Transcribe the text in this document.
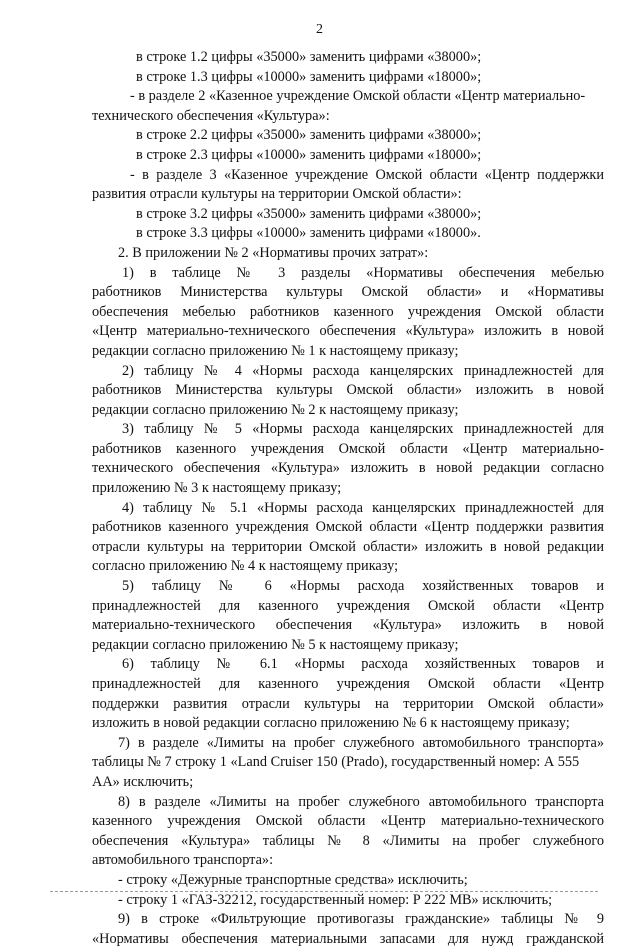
2
в строке 1.2 цифры «35000» заменить цифрами «38000»;
в строке 1.3 цифры «10000» заменить цифрами «18000»;
- в разделе 2 «Казенное учреждение Омской области «Центр материально-
технического обеспечения «Культура»:
в строке 2.2 цифры «35000» заменить цифрами «38000»;
в строке 2.3 цифры «10000» заменить цифрами «18000»;
- в разделе 3 «Казенное учреждение Омской области «Центр поддержки
развития отрасли культуры на территории Омской области»:
в строке 3.2 цифры «35000» заменить цифрами «38000»;
в строке 3.3 цифры «10000» заменить цифрами «18000».
2. В приложении № 2 «Нормативы прочих затрат»:
1) в таблице № 3 разделы «Нормативы обеспечения мебелью
работников Министерства культуры Омской области» и «Нормативы
обеспечения мебелью работников казенного учреждения Омской области
«Центр материально-технического обеспечения «Культура» изложить в новой
редакции согласно приложению № 1 к настоящему приказу;
2) таблицу № 4 «Нормы расхода канцелярских принадлежностей для
работников Министерства культуры Омской области» изложить в новой
редакции согласно приложению № 2 к настоящему приказу;
3) таблицу № 5 «Нормы расхода канцелярских принадлежностей для
работников казенного учреждения Омской области «Центр материально-
технического обеспечения «Культура» изложить в новой редакции согласно
приложению № 3 к настоящему приказу;
4) таблицу № 5.1 «Нормы расхода канцелярских принадлежностей для
работников казенного учреждения Омской области «Центр поддержки развития
отрасли культуры на территории Омской области» изложить в новой редакции
согласно приложению № 4 к настоящему приказу;
5) таблицу № 6 «Нормы расхода хозяйственных товаров и
принадлежностей для казенного учреждения Омской области «Центр
материально-технического обеспечения «Культура» изложить в новой
редакции согласно приложению № 5 к настоящему приказу;
6) таблицу № 6.1 «Нормы расхода хозяйственных товаров и
принадлежностей для казенного учреждения Омской области «Центр
поддержки развития отрасли культуры на территории Омской области»
изложить в новой редакции согласно приложению № 6 к настоящему приказу;
7) в разделе «Лимиты на пробег служебного автомобильного транспорта»
таблицы № 7 строку 1 «Land Cruiser 150 (Prado), государственный номер: А 555
АА» исключить;
8) в разделе «Лимиты на пробег служебного автомобильного транспорта
казенного учреждения Омской области «Центр материально-технического
обеспечения «Культура» таблицы № 8 «Лимиты на пробег служебного
автомобильного транспорта»:
- строку «Дежурные транспортные средства» исключить;
- строку 1 «ГАЗ-32212, государственный номер: Р 222 МВ» исключить;
9) в строке «Фильтрующие противогазы гражданские» таблицы № 9
«Нормативы обеспечения материальными запасами для нужд гражданской
